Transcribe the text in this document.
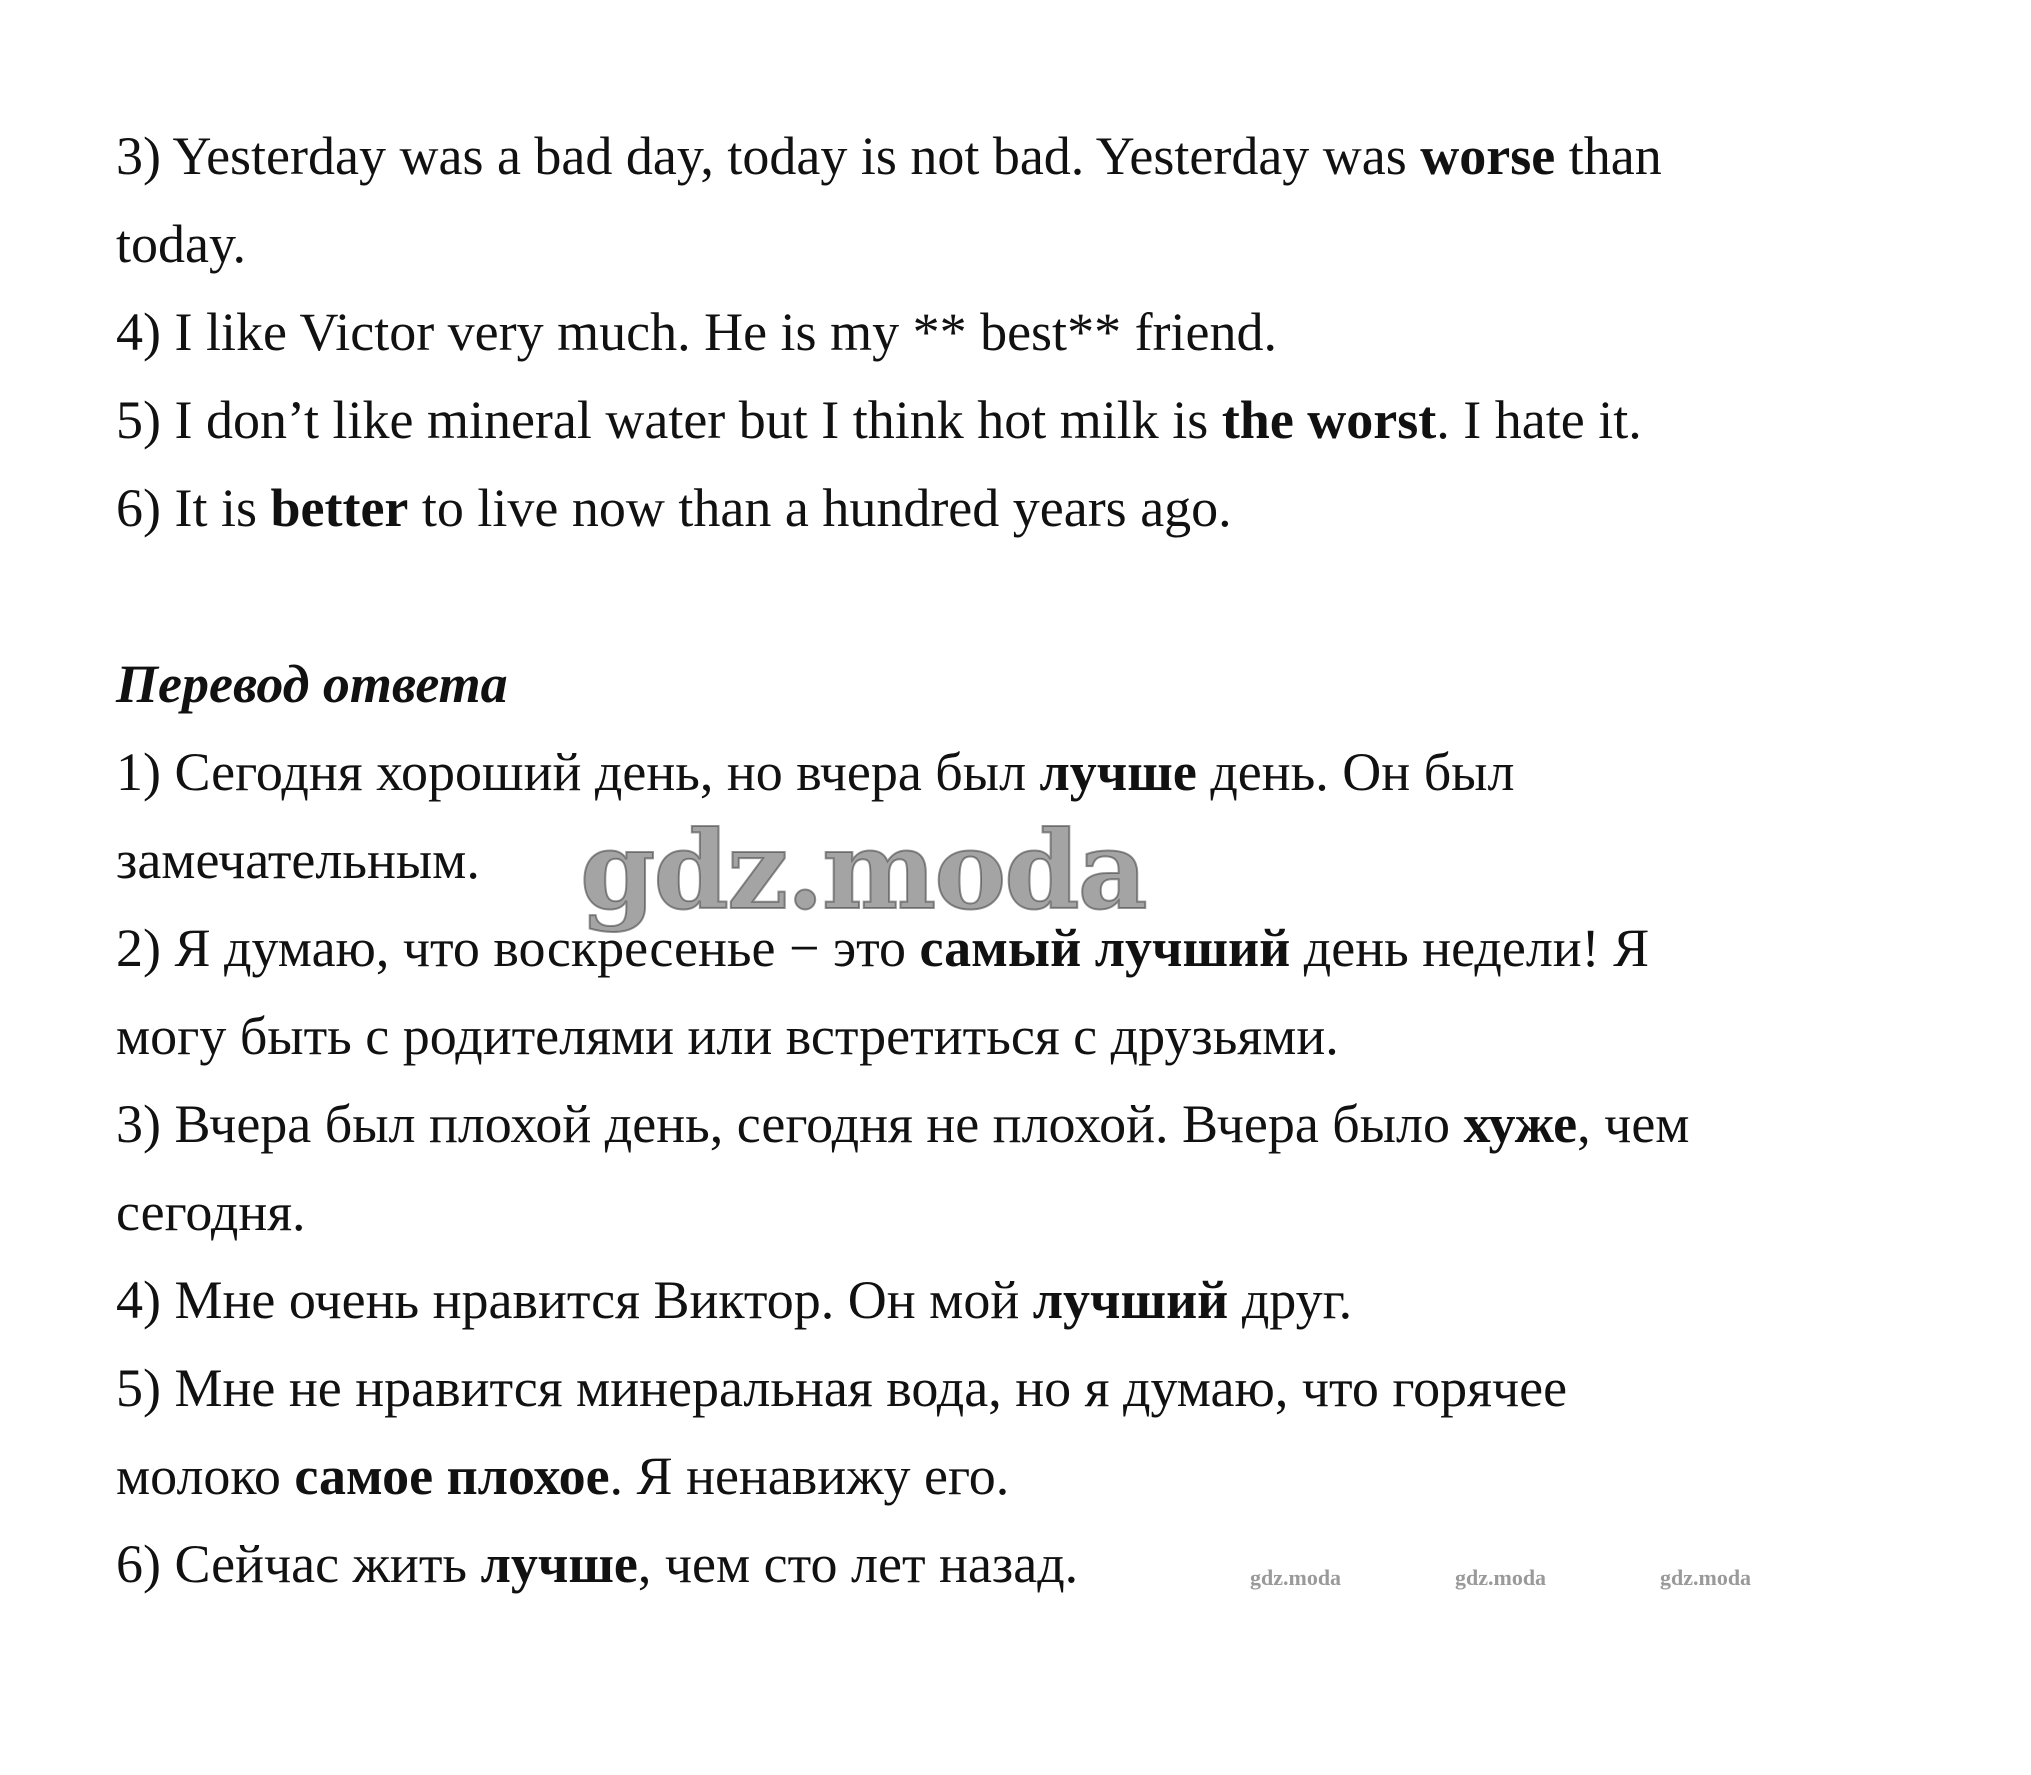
3) Yesterday was a bad day, today is not bad. Yesterday was worse than

today.

4) I like Victor very much. He is my ** best** friend.

5) I don’t like mineral water but I think hot milk is the worst. I hate it.

6) It is better to live now than a hundred years ago.

Перевод ответа

1) Сегодня хороший день, но вчера был лучше день. Он был

замечательным.

2) Я думаю, что воскресенье − это самый лучший день недели! Я

могу быть с родителями или встретиться с друзьями.

3) Вчера был плохой день, сегодня не плохой. Вчера было хуже, чем

сегодня.

4) Мне очень нравится Виктор. Он мой лучший друг.

5) Мне не нравится минеральная вода, но я думаю, что горячее

молоко самое плохое. Я ненавижу его.

6) Сейчас жить лучше, чем сто лет назад.

gdz.moda
gdz.moda	gdz.moda	gdz.moda
